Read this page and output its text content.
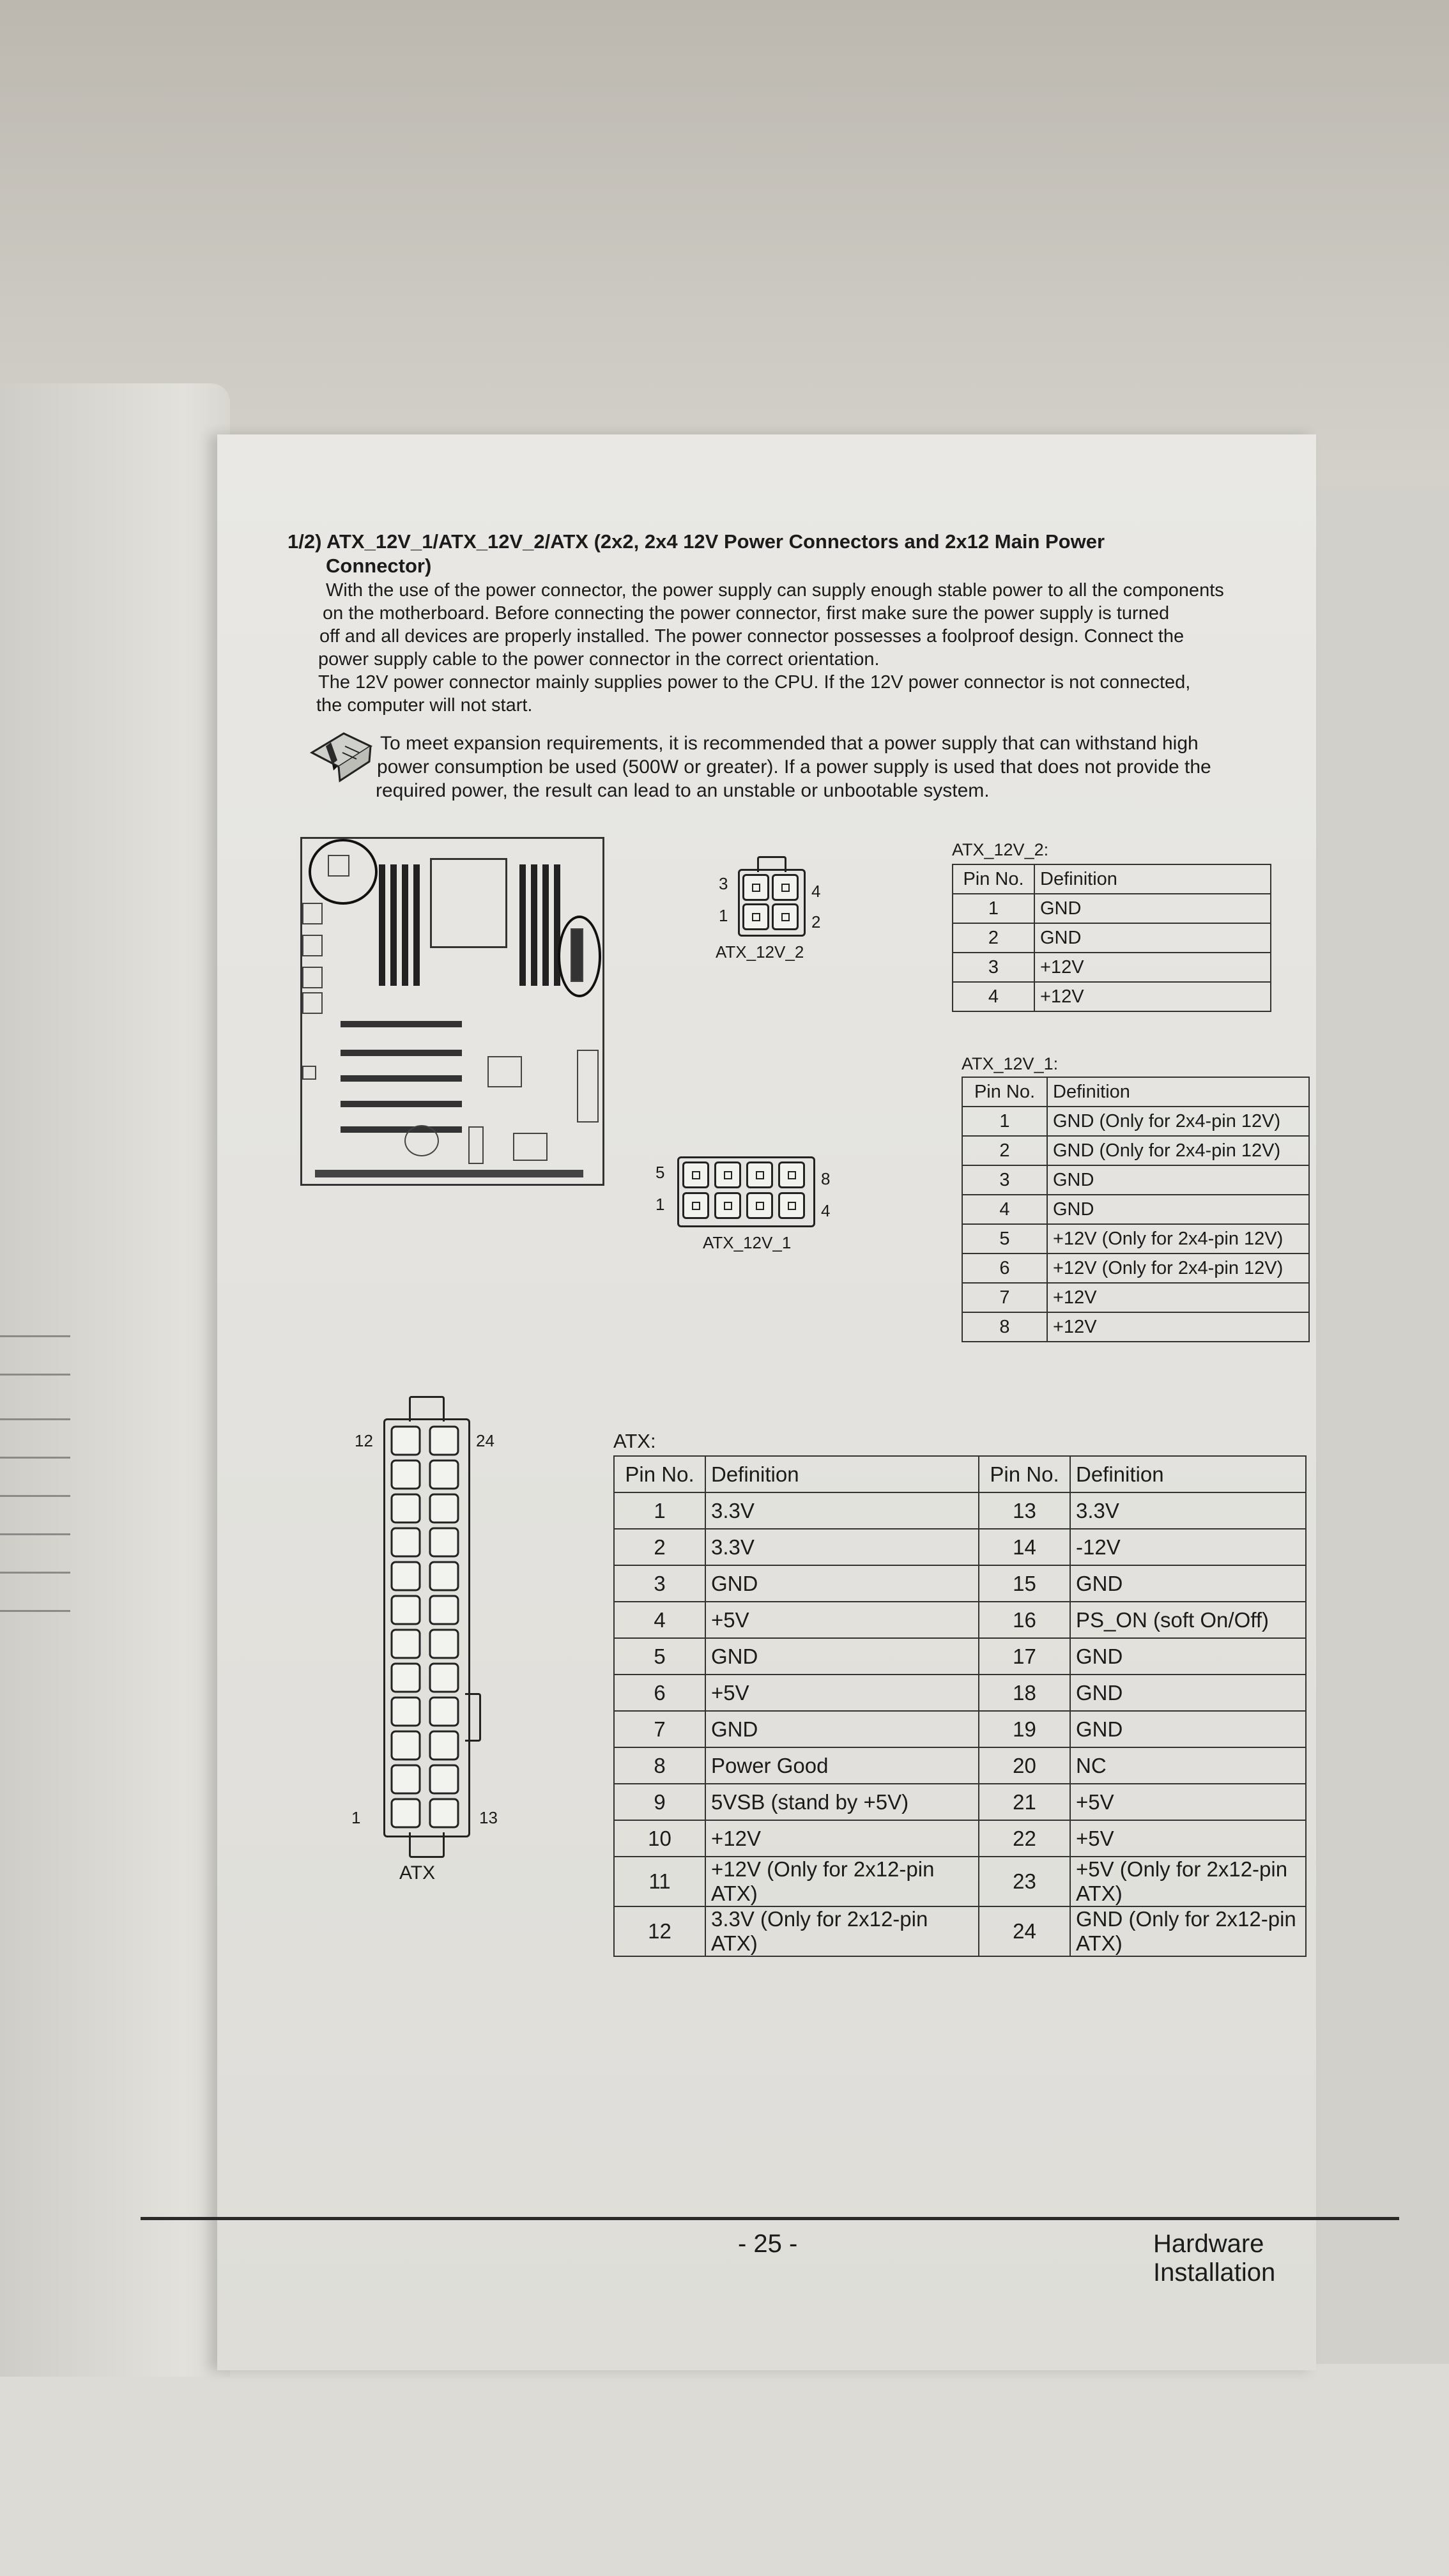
1/2) ATX_12V_1/ATX_12V_2/ATX (2x2, 2x4 12V Power Connectors and 2x12 Main Power
Connector)
With the use of the power connector, the power supply can supply enough stable power to all the components
on the motherboard. Before connecting the power connector, first make sure the power supply is turned
off and all devices are properly installed. The power connector possesses a foolproof design. Connect the
power supply cable to the power connector in the correct orientation.
The 12V power connector mainly supplies power to the CPU. If the 12V power connector is not connected,
the computer will not start.
To meet expansion requirements, it is recommended that a power supply that can withstand high
power consumption be used (500W or greater). If a power supply is used that does not provide the
required power, the result can lead to an unstable or unbootable system.
3	4
1	2
ATX_12V_2
5	8
1	4
ATX_12V_1
12	24
1	13
ATX
ATX_12V_2:
Pin No.	Definition
1	GND
2	GND
3	+12V
4	+12V
ATX_12V_1:
Pin No.	Definition
1	GND (Only for 2x4-pin 12V)
2	GND (Only for 2x4-pin 12V)
3	GND
4	GND
5	+12V (Only for 2x4-pin 12V)
6	+12V (Only for 2x4-pin 12V)
7	+12V
8	+12V
ATX:
Pin No.	Definition	Pin No.	Definition
1	3.3V	13	3.3V
2	3.3V	14	-12V
3	GND	15	GND
4	+5V	16	PS_ON (soft On/Off)
5	GND	17	GND
6	+5V	18	GND
7	GND	19	GND
8	Power Good	20	NC
9	5VSB (stand by +5V)	21	+5V
10	+12V	22	+5V
11	+12V (Only for 2x12-pin ATX)	23	+5V (Only for 2x12-pin ATX)
12	3.3V (Only for 2x12-pin ATX)	24	GND (Only for 2x12-pin ATX)
- 25 -	Hardware Installation
